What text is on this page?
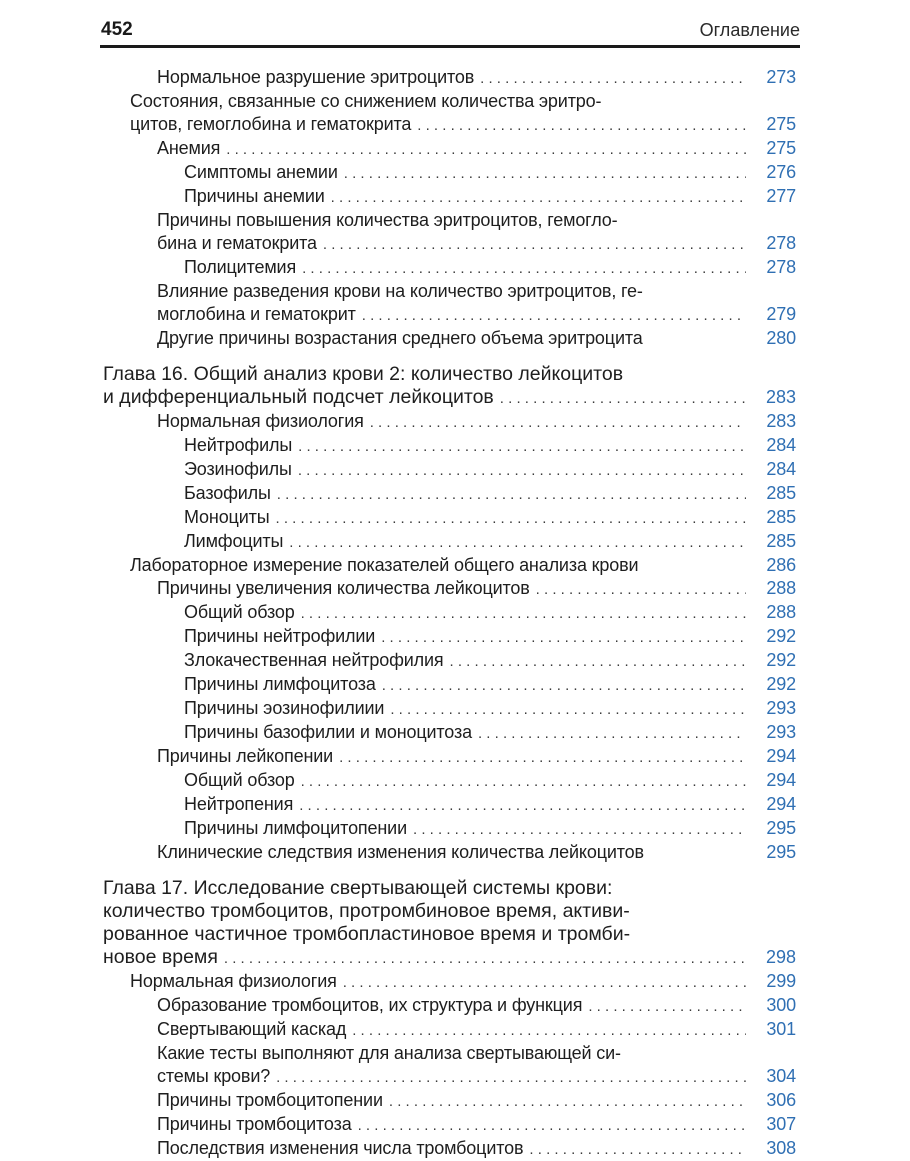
452	Оглавление
Нормальное разрушение эритроцитов . . .	273
Состояния, связанные со снижением количества эритро-
цитов, гемоглобина и гематокрита . . .	275
Анемия . . .	275
Симптомы анемии . . .	276
Причины анемии . . .	277
Причины повышения количества эритроцитов, гемогло-
бина и гематокрита . . .	278
Полицитемия . . .	278
Влияние разведения крови на количество эритроцитов, ге-
моглобина и гематокрит . . .	279
Другие причины возрастания среднего объема эритроцита	280
Глава 16. Общий анализ крови 2: количество лейкоцитов
и дифференциальный подсчет лейкоцитов . . .	283
Нормальная физиология . . .	283
Нейтрофилы . . .	284
Эозинофилы . . .	284
Базофилы . . .	285
Моноциты . . .	285
Лимфоциты . . .	285
Лабораторное измерение показателей общего анализа крови	286
Причины увеличения количества лейкоцитов . . .	288
Общий обзор . . .	288
Причины нейтрофилии . . .	292
Злокачественная нейтрофилия . . .	292
Причины лимфоцитоза . . .	292
Причины эозинофилиии . . .	293
Причины базофилии и моноцитоза . . .	293
Причины лейкопении . . .	294
Общий обзор . . .	294
Нейтропения . . .	294
Причины лимфоцитопении . . .	295
Клинические следствия изменения количества лейкоцитов	295
Глава 17. Исследование свертывающей системы крови:
количество тромбоцитов, протромбиновое время, активи-
рованное частичное тромбопластиновое время и тромби-
новое время . . .	298
Нормальная физиология . . .	299
Образование тромбоцитов, их структура и функция . . .	300
Свертывающий каскад . . .	301
Какие тесты выполняют для анализа свертывающей си-
стемы крови? . . .	304
Причины тромбоцитопении . . .	306
Причины тромбоцитоза . . .	307
Последствия изменения числа тромбоцитов . . .	308
